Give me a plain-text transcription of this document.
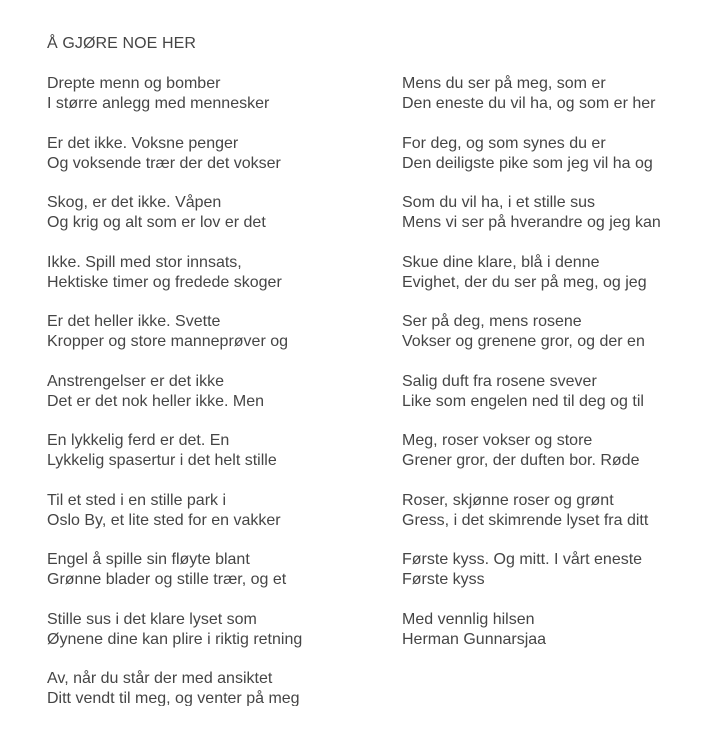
Å GJØRE NOE HER
Drepte menn og bomber
I større anlegg med mennesker
Er det ikke. Voksne penger
Og voksende trær der det vokser
Skog, er det ikke. Våpen
Og krig og alt som er lov er det
Ikke. Spill med stor innsats,
Hektiske timer og fredede skoger
Er det heller ikke. Svette
Kropper og store manneprøver og
Anstrengelser er det ikke
Det er det nok heller ikke. Men
En lykkelig ferd er det. En
Lykkelig spasertur i det helt stille
Til et sted i en stille park i
Oslo By, et lite sted for en vakker
Engel å spille sin fløyte blant
Grønne blader og stille trær, og et
Stille sus i det klare lyset som
Øynene dine kan plire i riktig retning
Av, når du står der med ansiktet
Ditt vendt til meg, og venter på meg
Mens du ser på meg, som er
Den eneste du vil ha, og som er her
For deg, og som synes du er
Den deiligste pike som jeg vil ha og
Som du vil ha, i et stille sus
Mens vi ser på hverandre og jeg kan
Skue dine klare, blå i denne
Evighet, der du ser på meg, og jeg
Ser på deg, mens rosene
Vokser og grenene gror, og der en
Salig duft fra rosene svever
Like som engelen ned til deg og til
Meg, roser vokser og store
Grener gror, der duften bor. Røde
Roser, skjønne roser og grønt
Gress, i det skimrende lyset fra ditt
Første kyss. Og mitt. I vårt eneste
Første kyss
Med vennlig hilsen
Herman Gunnarsjaa
